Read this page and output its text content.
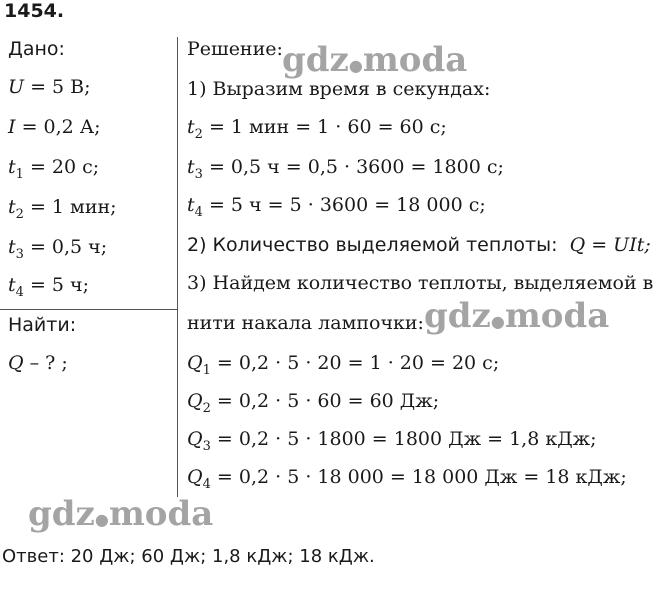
1454.
Дано:
U = 5 В;
I = 0,2 А;
$t_1 = 20$ с;
$t_2 = 1$ мин;
$t_3 = 0,5$ ч;
$t_4 = 5$ ч;
Найти:
Q – ? ;
Решение:
1) Выразим время в секундах:
$t_2 = 1$ мин = 1 · 60 = 60 с;
$t_3 = 0,5$ ч = 0,5 · 3600 = 1800 с;
$t_4 = 5$ ч = 5 · 3600 = 18 000 с;
2) Количество выделяемой теплоты: Q = UIt;
3) Найдем количество теплоты, выделяемой в
нити накала лампочки:
$Q_1 = 0,2 \cdot 5 \cdot 20 = 1 \cdot 20 = 20$ с;
$Q_2 = 0,2 \cdot 5 \cdot 60 = 60$ Дж;
$Q_3 = 0,2 \cdot 5 \cdot 1800 = 1800$ Дж = 1,8 кДж;
$Q_4 = 0,2 \cdot 5 \cdot 18$ 000 = 18 000 Дж = 18 кДж;
Ответ: 20 Дж; 60 Дж; 1,8 кДж; 18 кДж.
gdz●moda
gdz●moda
gdz●moda
